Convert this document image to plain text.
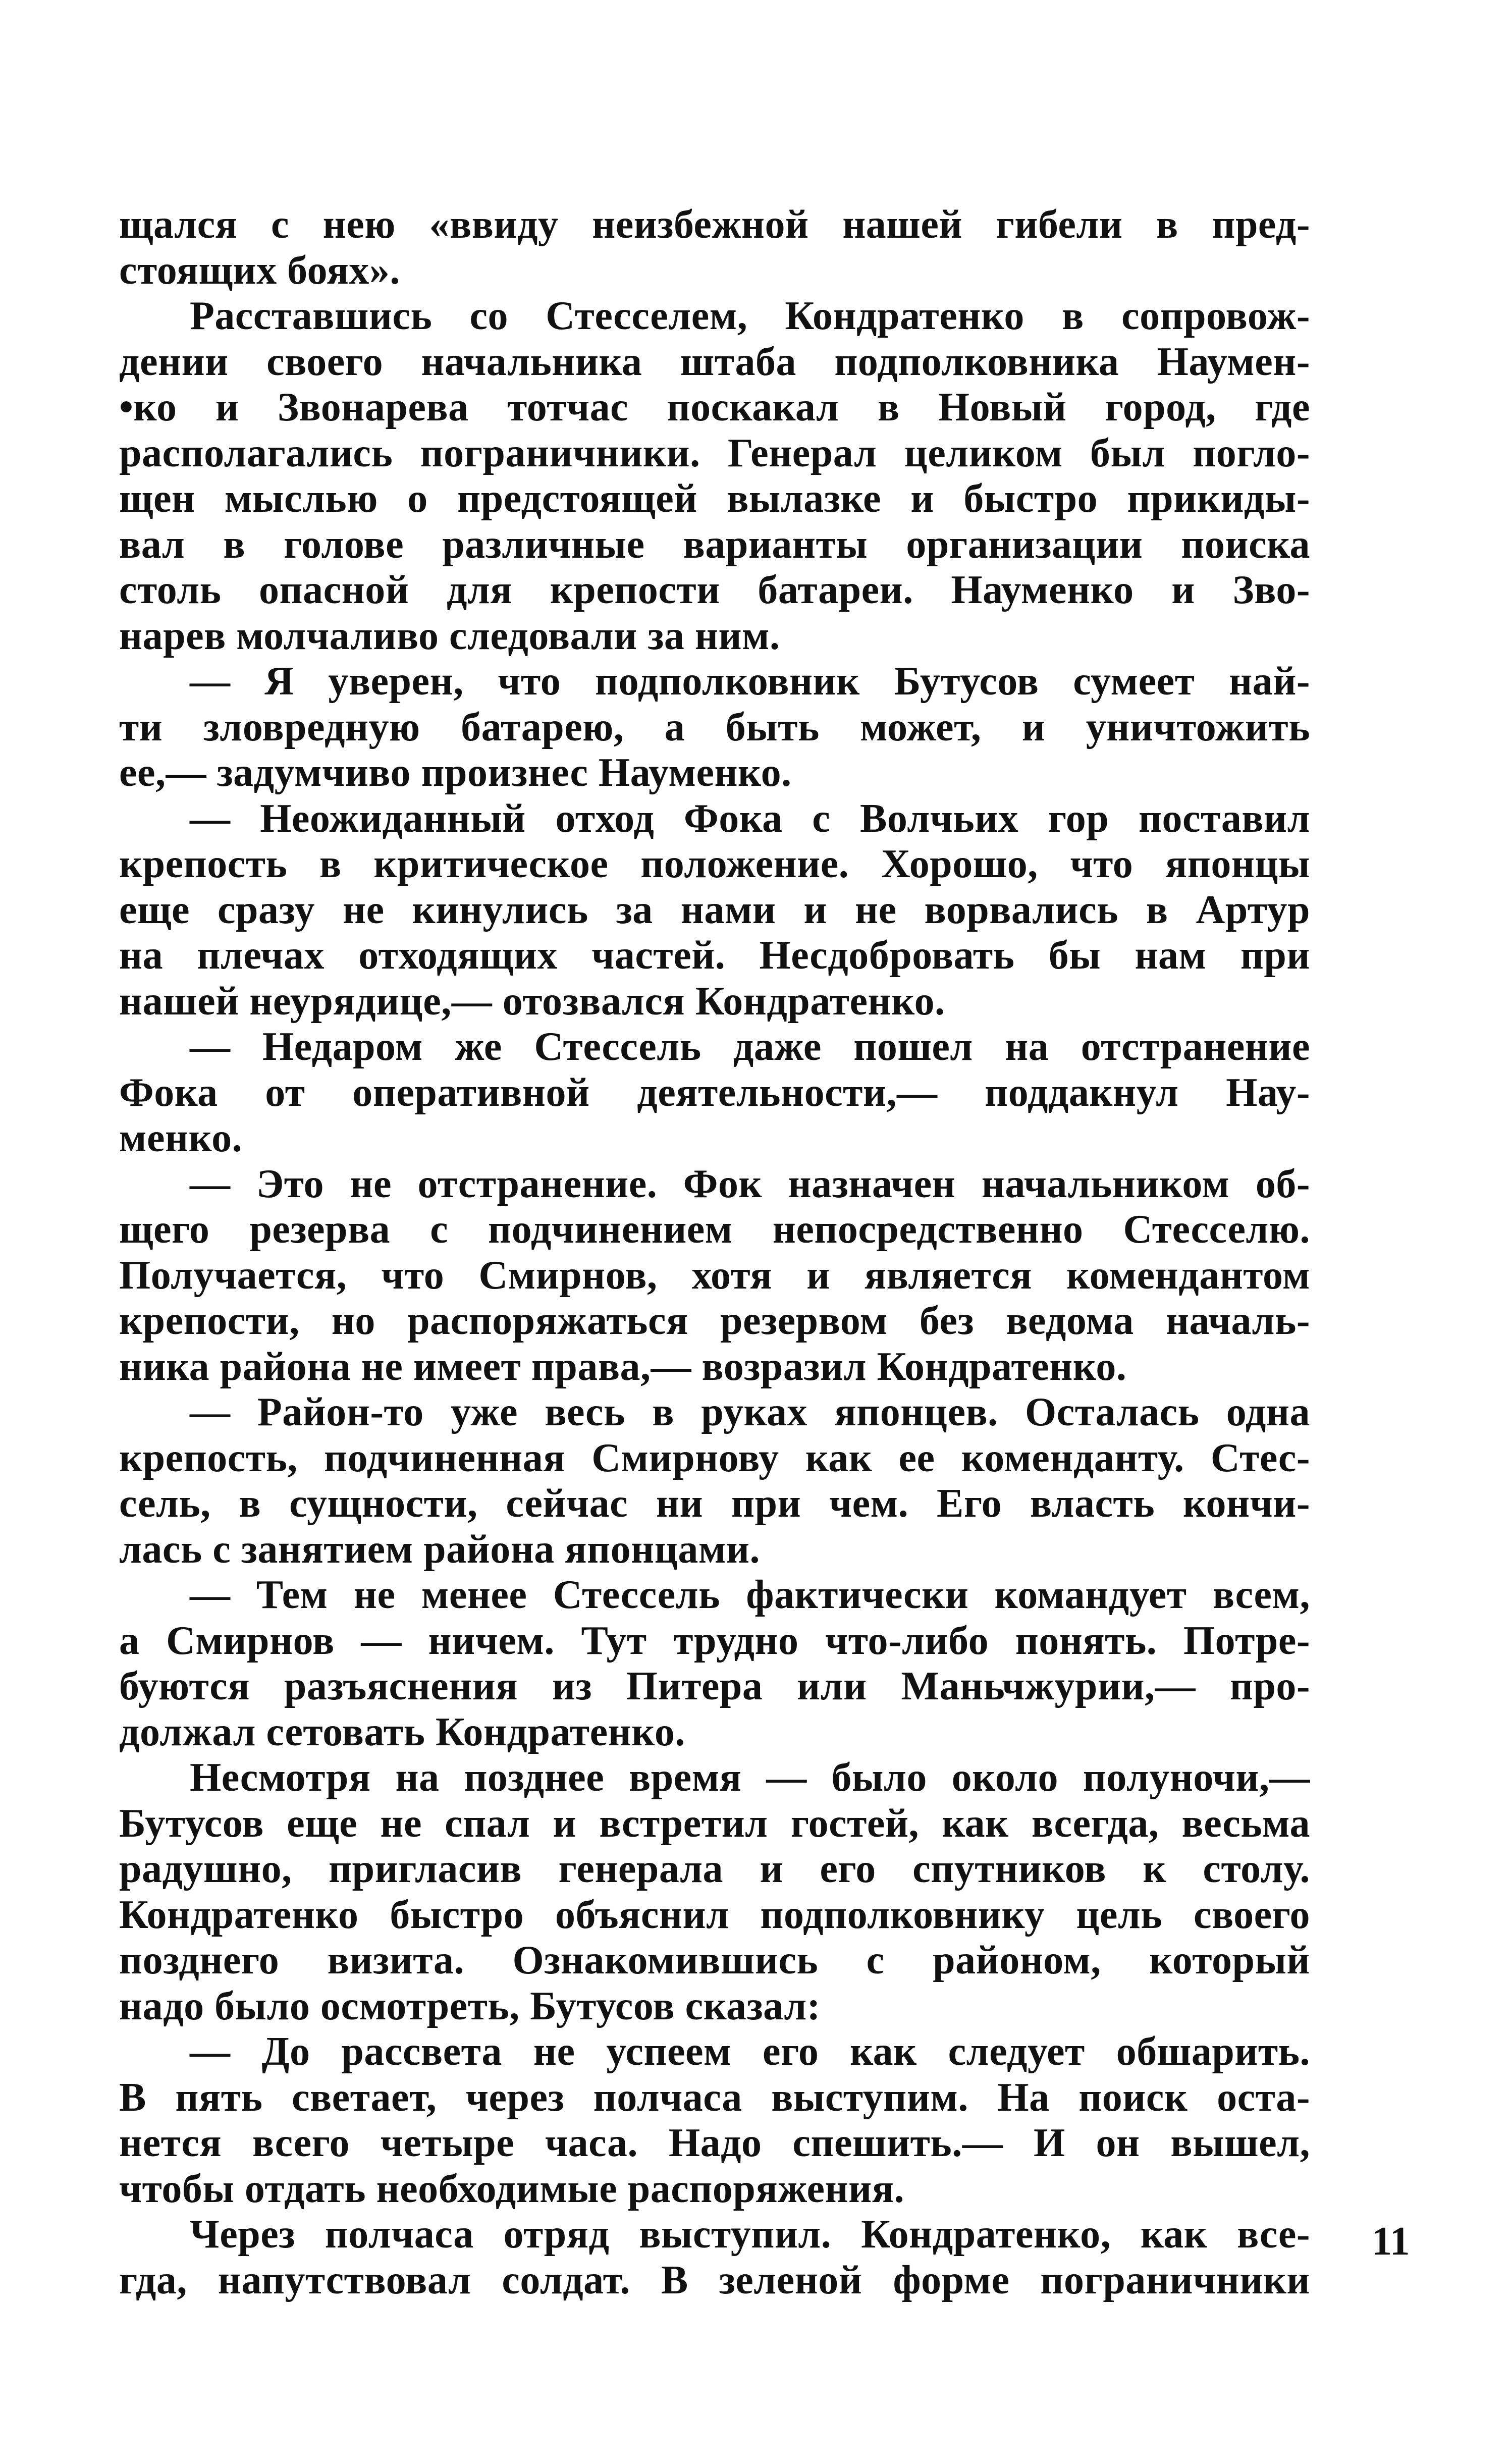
щался с нею «ввиду неизбежной нашей гибели в пред-
стоящих боях».
Расставшись со Стесселем, Кондратенко в сопровож-
дении своего начальника штаба подполковника Наумен-
•ко и Звонарева тотчас поскакал в Новый город, где
располагались пограничники. Генерал целиком был погло-
щен мыслью о предстоящей вылазке и быстро прикиды-
вал в голове различные варианты организации поиска
столь опасной для крепости батареи. Науменко и Зво-
нарев молчаливо следовали за ним.
— Я уверен, что подполковник Бутусов сумеет най-
ти зловредную батарею, а быть может, и уничтожить
ее,— задумчиво произнес Науменко.
— Неожиданный отход Фока с Волчьих гор поставил
крепость в критическое положение. Хорошо, что японцы
еще сразу не кинулись за нами и не ворвались в Артур
на плечах отходящих частей. Несдобровать бы нам при
нашей неурядице,— отозвался Кондратенко.
— Недаром же Стессель даже пошел на отстранение
Фока от оперативной деятельности,— поддакнул Нау-
менко.
— Это не отстранение. Фок назначен начальником об-
щего резерва с подчинением непосредственно Стесселю.
Получается, что Смирнов, хотя и является комендантом
крепости, но распоряжаться резервом без ведома началь-
ника района не имеет права,— возразил Кондратенко.
— Район-то уже весь в руках японцев. Осталась одна
крепость, подчиненная Смирнову как ее коменданту. Стес-
сель, в сущности, сейчас ни при чем. Его власть кончи-
лась с занятием района японцами.
— Тем не менее Стессель фактически командует всем,
а Смирнов — ничем. Тут трудно что-либо понять. Потре-
буются разъяснения из Питера или Маньчжурии,— про-
должал сетовать Кондратенко.
Несмотря на позднее время — было около полуночи,—
Бутусов еще не спал и встретил гостей, как всегда, весьма
радушно, пригласив генерала и его спутников к столу.
Кондратенко быстро объяснил подполковнику цель своего
позднего визита. Ознакомившись с районом, который
надо было осмотреть, Бутусов сказал:
— До рассвета не успеем его как следует обшарить.
В пять светает, через полчаса выступим. На поиск оста-
нется всего четыре часа. Надо спешить.— И он вышел,
чтобы отдать необходимые распоряжения.
Через полчаса отряд выступил. Кондратенко, как все-
гда, напутствовал солдат. В зеленой форме пограничники
11
